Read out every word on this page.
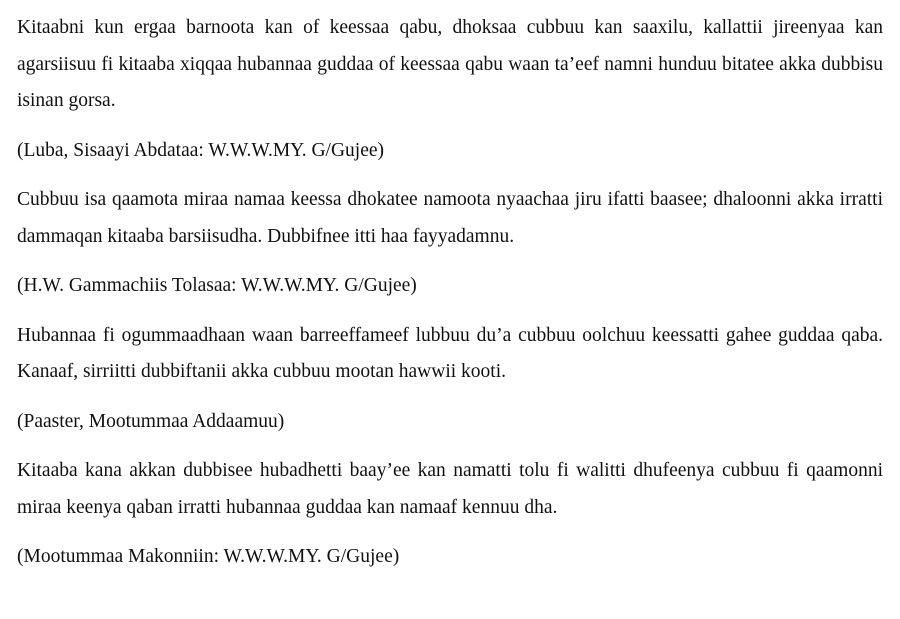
Kitaabni kun ergaa barnoota kan of keessaa qabu, dhoksaa cubbuu kan saaxilu, kallattii jireenyaa kan agarsiisuu fi kitaaba xiqqaa hubannaa guddaa of keessaa qabu waan ta’eef namni hunduu bitatee akka dubbisu isinan gorsa.

(Luba, Sisaayi Abdataa: W.W.W.MY. G/Gujee)

Cubbuu isa qaamota miraa namaa keessa dhokatee namoota nyaachaa jiru ifatti baasee; dhaloonni akka irratti dammaqan kitaaba barsiisudha. Dubbifnee itti haa fayyadamnu.

(H.W. Gammachiis Tolasaa: W.W.W.MY. G/Gujee)

Hubannaa fi ogummaadhaan waan barreeffameef lubbuu du’a cubbuu oolchuu keessatti gahee guddaa qaba. Kanaaf, sirriitti dubbiftanii akka cubbuu mootan hawwii kooti.

(Paaster, Mootummaa Addaamuu)

Kitaaba kana akkan dubbisee hubadhetti baay’ee kan namatti tolu fi walitti dhufeenya cubbuu fi qaamonni miraa keenya qaban irratti hubannaa guddaa kan namaaf kennuu dha.

(Mootummaa Makonniin: W.W.W.MY. G/Gujee)
